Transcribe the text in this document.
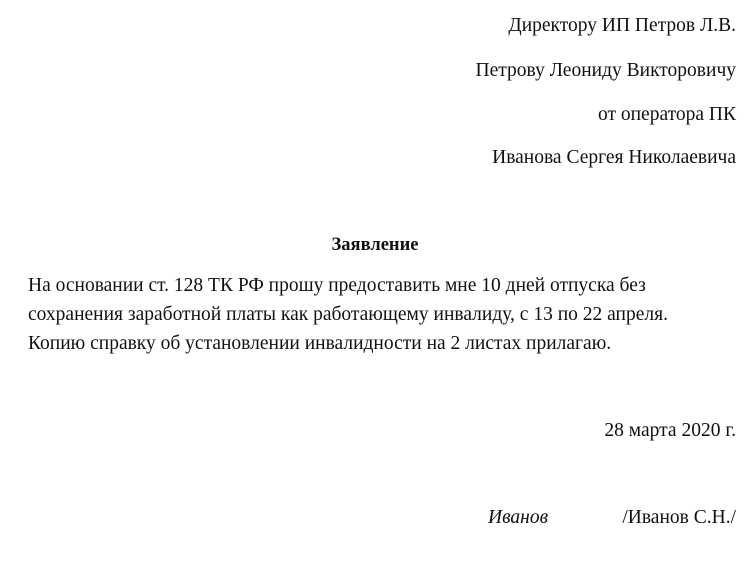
Директору ИП Петров Л.В.
Петрову Леониду Викторовичу
от оператора ПК
Иванова Сергея Николаевича
Заявление
На основании ст. 128 ТК РФ прошу предоставить мне 10 дней отпуска без
сохранения заработной платы как работающему инвалиду, с 13 по 22 апреля.
Копию справку об установлении инвалидности на 2 листах прилагаю.
28 марта 2020 г.
Иванов	/Иванов С.Н./
